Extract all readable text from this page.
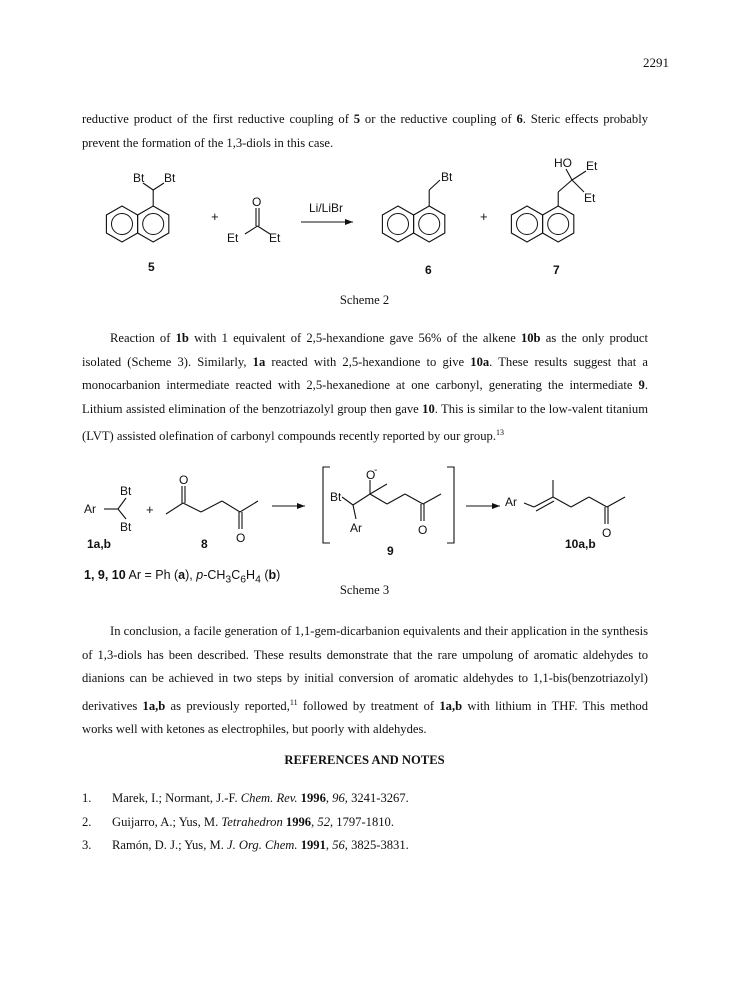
2291
reductive product of the first reductive coupling of 5 or the reductive coupling of 6. Steric effects probably prevent the formation of the 1,3-diols in this case.
Bt Bt
+
O
Et	Et
Li/LiBr
Bt
+
HO Et
Et
5	6	7
Scheme 2
Reaction of 1b with 1 equivalent of 2,5-hexandione gave 56% of the alkene 10b as the only product isolated (Scheme 3). Similarly, 1a reacted with 2,5-hexandione to give 10a. These results suggest that a monocarbanion intermediate reacted with 2,5-hexanedione at one carbonyl, generating the intermediate 9. Lithium assisted elimination of the benzotriazolyl group then gave 10. This is similar to the low-valent titanium (LVT) assisted olefination of carbonyl compounds recently reported by our group.$^{13}$
Bt
Ar
Bt
+
O
O
Bt
O
-
Ar	O
Ar
O
1a,b	8	9	10a,b
1, 9, 10 Ar = Ph (a), $p-CH_3C_6H_4$ (b)
Scheme 3
In conclusion, a facile generation of 1,1-gem-dicarbanion equivalents and their application in the synthesis of 1,3-diols has been described. These results demonstrate that the rare umpolung of aromatic aldehydes to dianions can be achieved in two steps by initial conversion of aromatic aldehydes to 1,1-bis(benzotriazolyl) derivatives 1a,b as previously reported,$^{11}$ followed by treatment of 1a,b with lithium in THF. This method works well with ketones as electrophiles, but poorly with aldehydes.
REFERENCES AND NOTES
1. Marek, I.; Normant, J.-F. Chem. Rev. 1996, 96, 3241-3267.
2. Guijarro, A.; Yus, M. Tetrahedron 1996, 52, 1797-1810.
3. Ramón, D. J.; Yus, M. J. Org. Chem. 1991, 56, 3825-3831.
